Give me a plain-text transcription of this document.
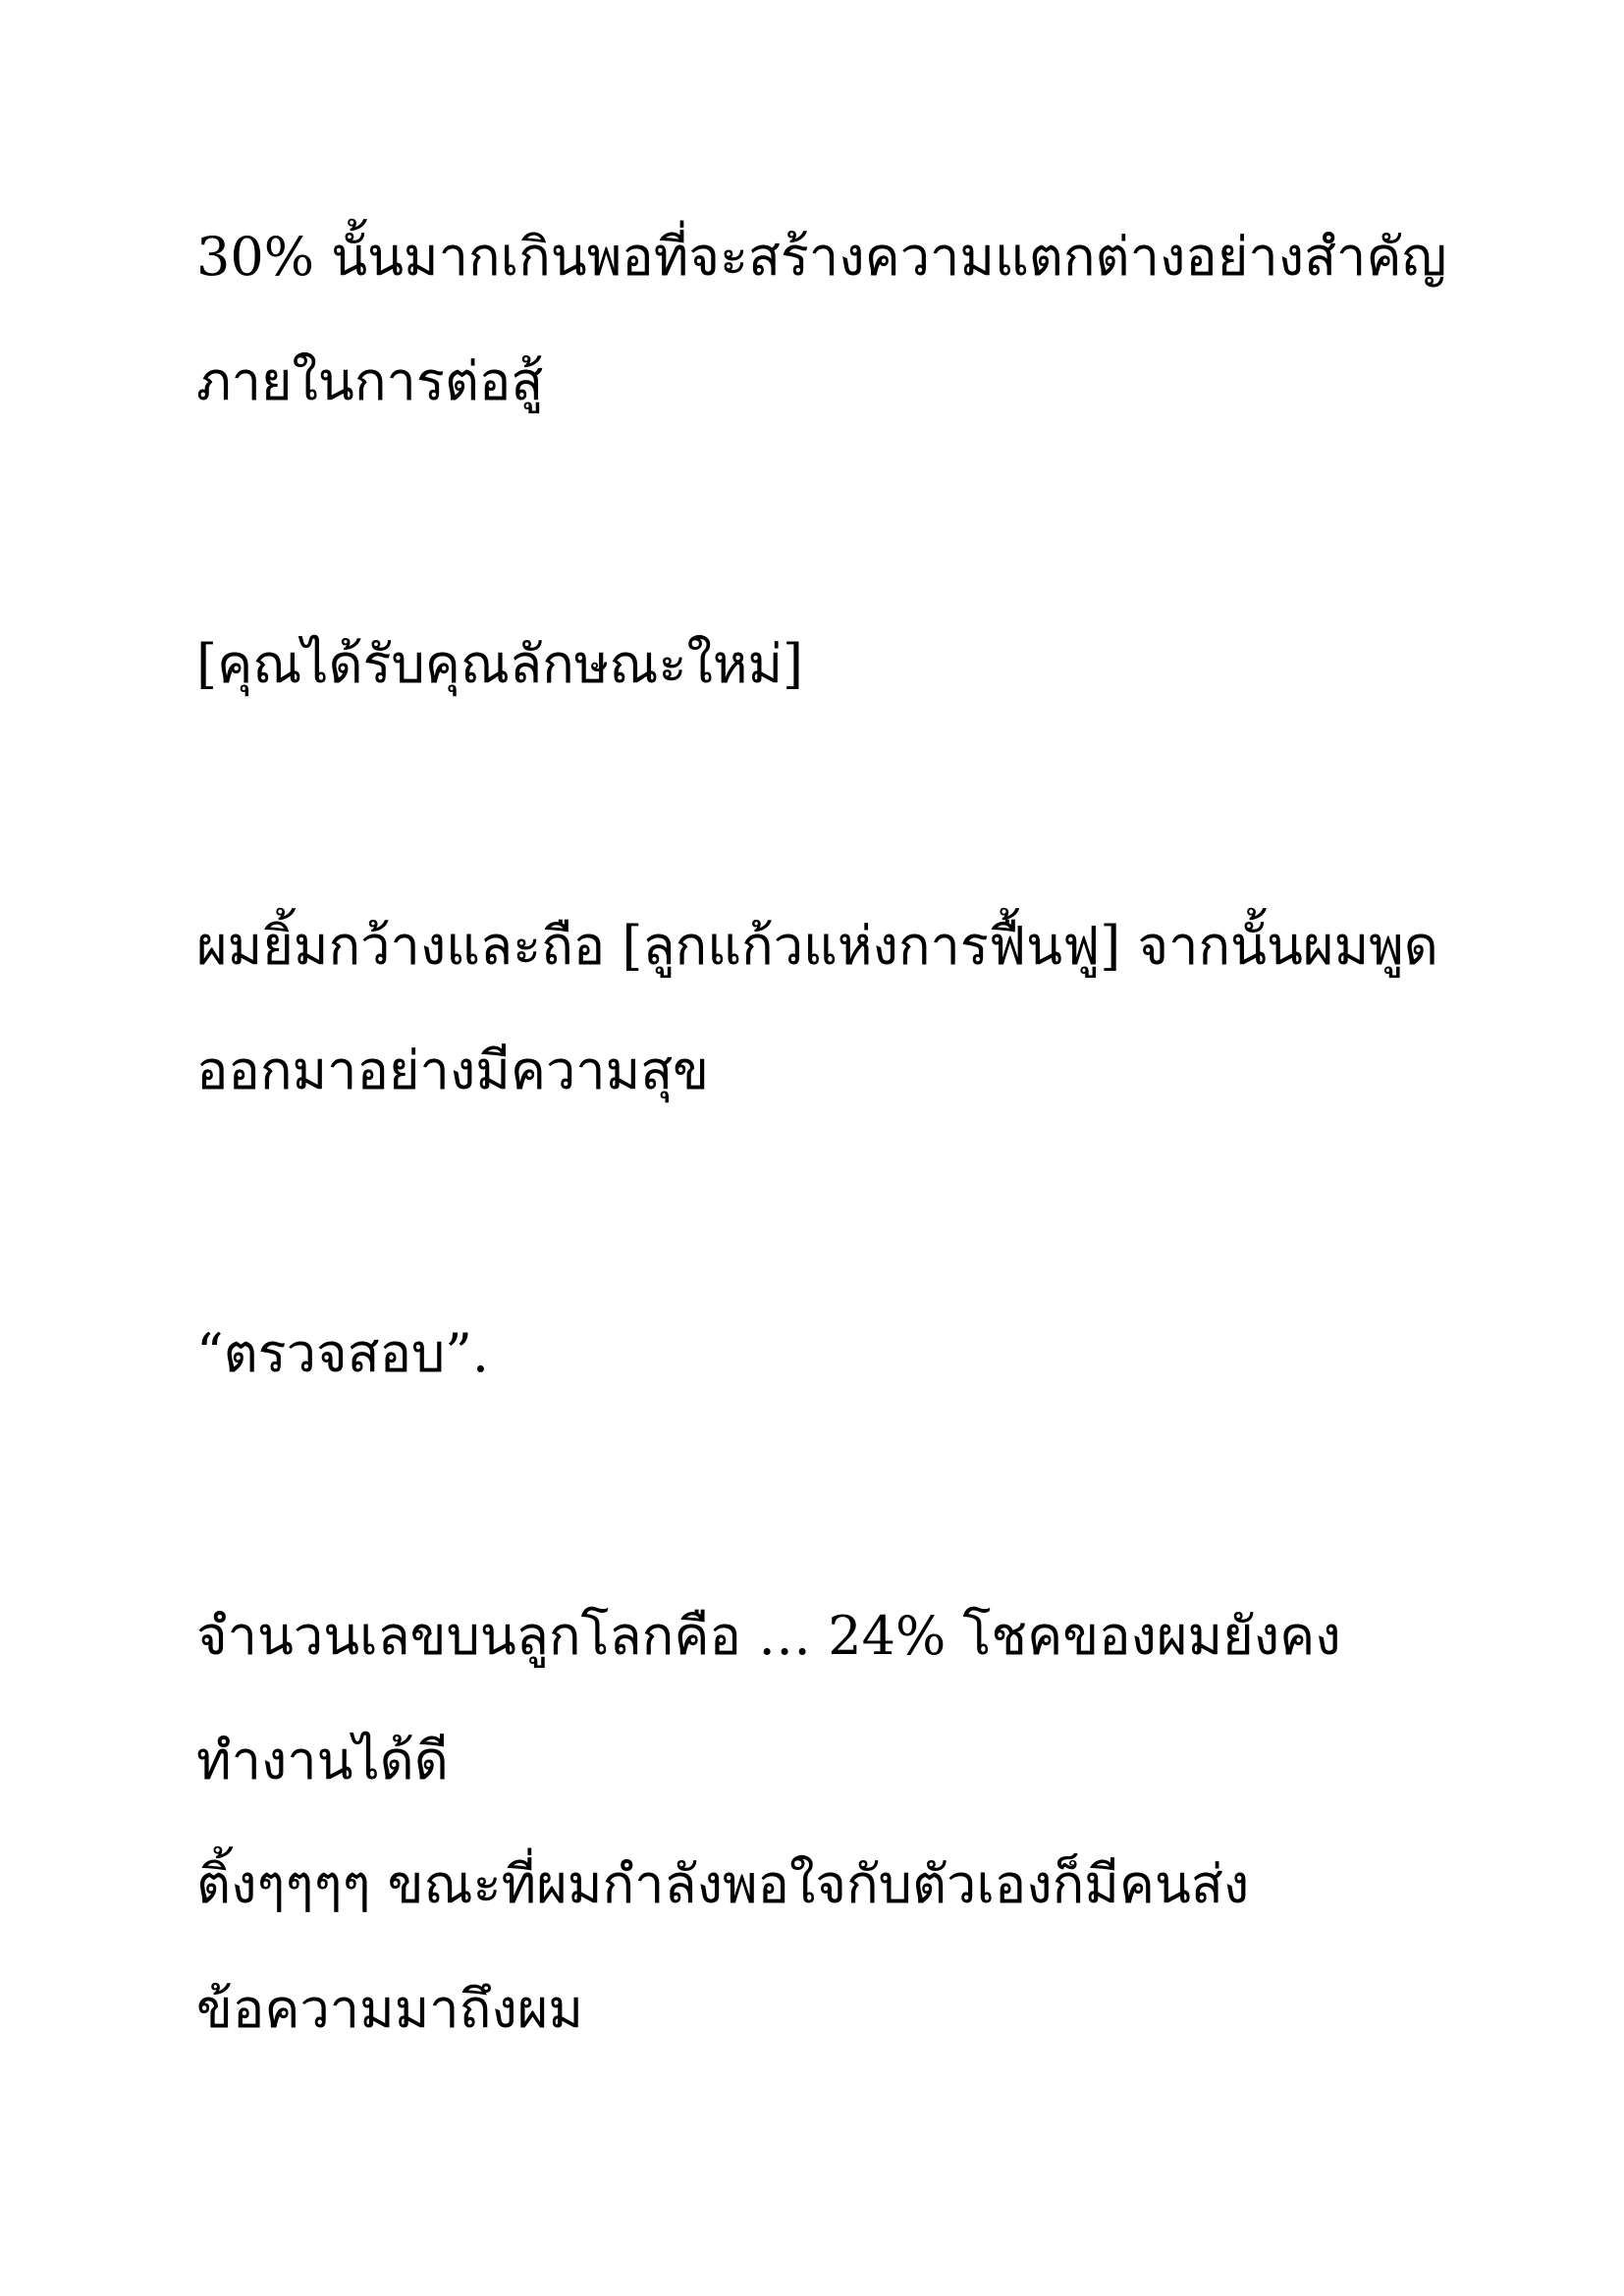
30% นั้นมากเกินพอที่จะสร้างความแตกต่างอย่างสำคัญ

ภายในการต่อสู้

[คุณได้รับคุณลักษณะใหม่]

ผมยิ้มกว้างและถือ [ลูกแก้วแห่งการฟื้นฟู] จากนั้นผมพูด

ออกมาอย่างมีความสุข

“ตรวจสอบ”.

จำนวนเลขบนลูกโลกคือ … 24% โชคของผมยังคง

ทำงานได้ดี

ติ้งๆๆๆๆ ขณะที่ผมกำลังพอใจกับตัวเองก็มีคนส่ง

ข้อความมาถึงผม
